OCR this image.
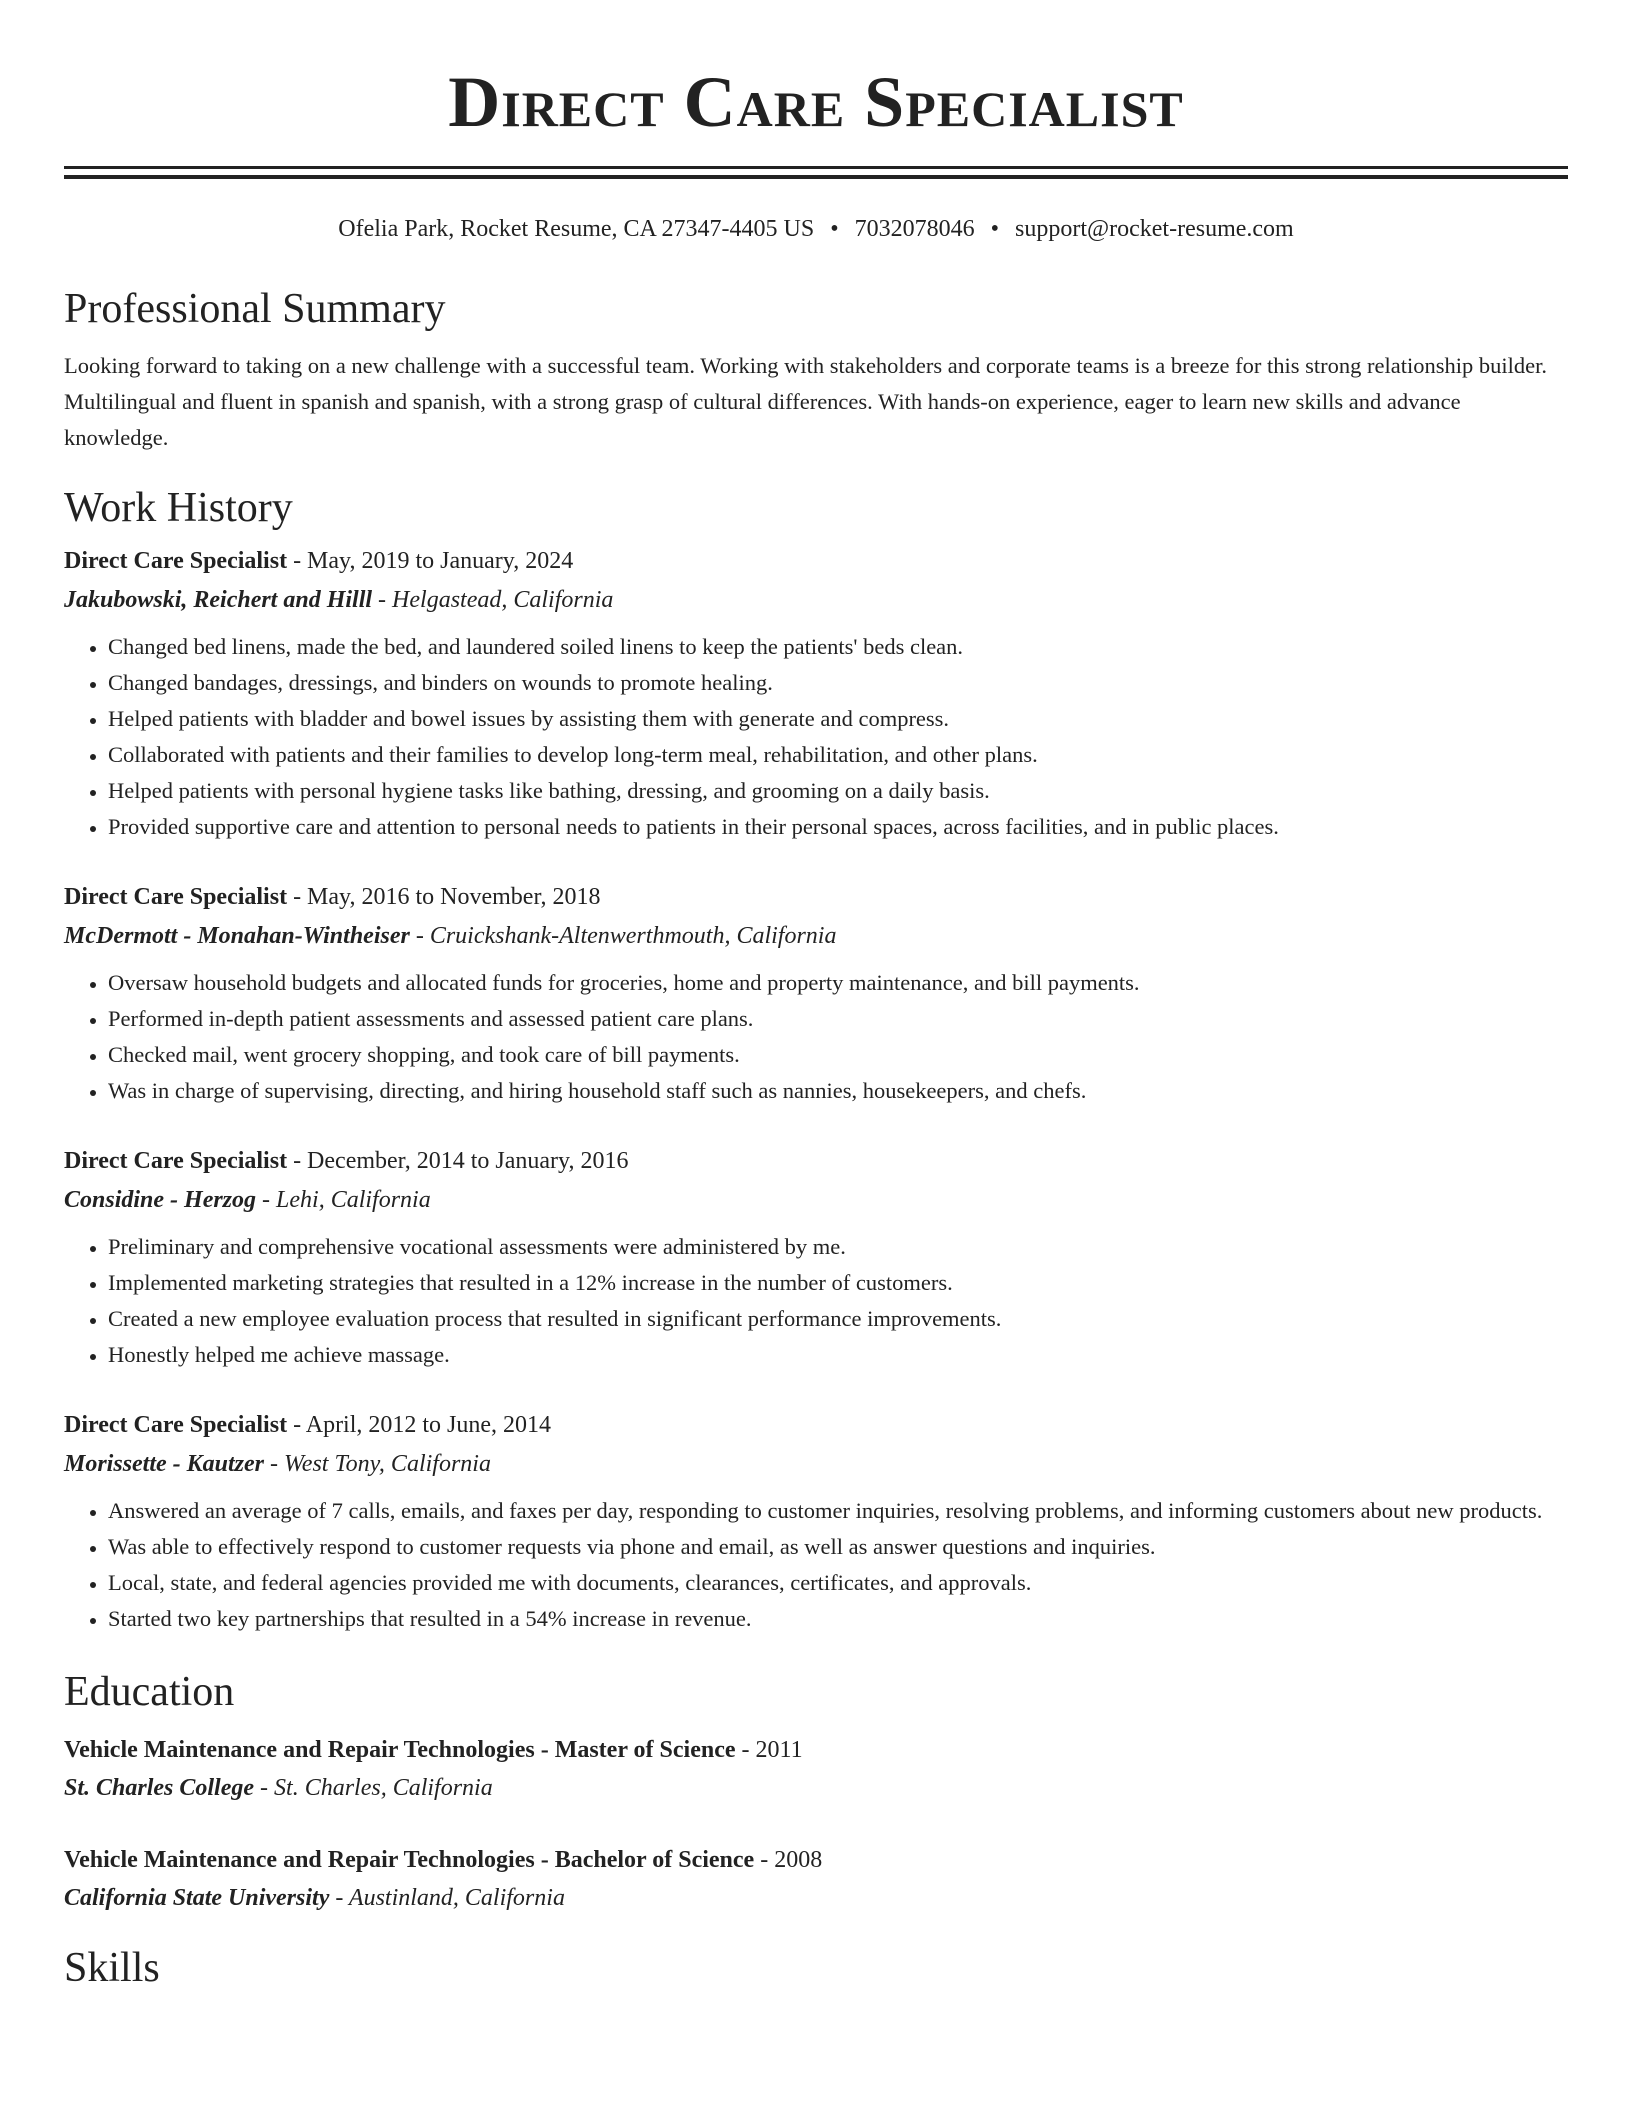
Direct Care Specialist
Ofelia Park, Rocket Resume, CA 27347-4405 US • 7032078046 • support@rocket-resume.com
Professional Summary

Looking forward to taking on a new challenge with a successful team. Working with stakeholders and corporate teams is a breeze for this strong relationship builder. Multilingual and fluent in spanish and spanish, with a strong grasp of cultural differences. With hands-on experience, eager to learn new skills and advance knowledge.

Work History
Direct Care Specialist - May, 2019 to January, 2024
Jakubowski, Reichert and Hilll - Helgastead, California
• Changed bed linens, made the bed, and laundered soiled linens to keep the patients' beds clean.
• Changed bandages, dressings, and binders on wounds to promote healing.
• Helped patients with bladder and bowel issues by assisting them with generate and compress.
• Collaborated with patients and their families to develop long-term meal, rehabilitation, and other plans.
• Helped patients with personal hygiene tasks like bathing, dressing, and grooming on a daily basis.
• Provided supportive care and attention to personal needs to patients in their personal spaces, across facilities, and in public places.
Direct Care Specialist - May, 2016 to November, 2018
McDermott - Monahan-Wintheiser - Cruickshank-Altenwerthmouth, California
• Oversaw household budgets and allocated funds for groceries, home and property maintenance, and bill payments.
• Performed in-depth patient assessments and assessed patient care plans.
• Checked mail, went grocery shopping, and took care of bill payments.
• Was in charge of supervising, directing, and hiring household staff such as nannies, housekeepers, and chefs.
Direct Care Specialist - December, 2014 to January, 2016
Considine - Herzog - Lehi, California
• Preliminary and comprehensive vocational assessments were administered by me.
• Implemented marketing strategies that resulted in a 12% increase in the number of customers.
• Created a new employee evaluation process that resulted in significant performance improvements.
• Honestly helped me achieve massage.
Direct Care Specialist - April, 2012 to June, 2014
Morissette - Kautzer - West Tony, California
• Answered an average of 7 calls, emails, and faxes per day, responding to customer inquiries, resolving problems, and informing customers about new products.
• Was able to effectively respond to customer requests via phone and email, as well as answer questions and inquiries.
• Local, state, and federal agencies provided me with documents, clearances, certificates, and approvals.
• Started two key partnerships that resulted in a 54% increase in revenue.
Education
Vehicle Maintenance and Repair Technologies - Master of Science - 2011
St. Charles College - St. Charles, California
Vehicle Maintenance and Repair Technologies - Bachelor of Science - 2008
California State University - Austinland, California
Skills
